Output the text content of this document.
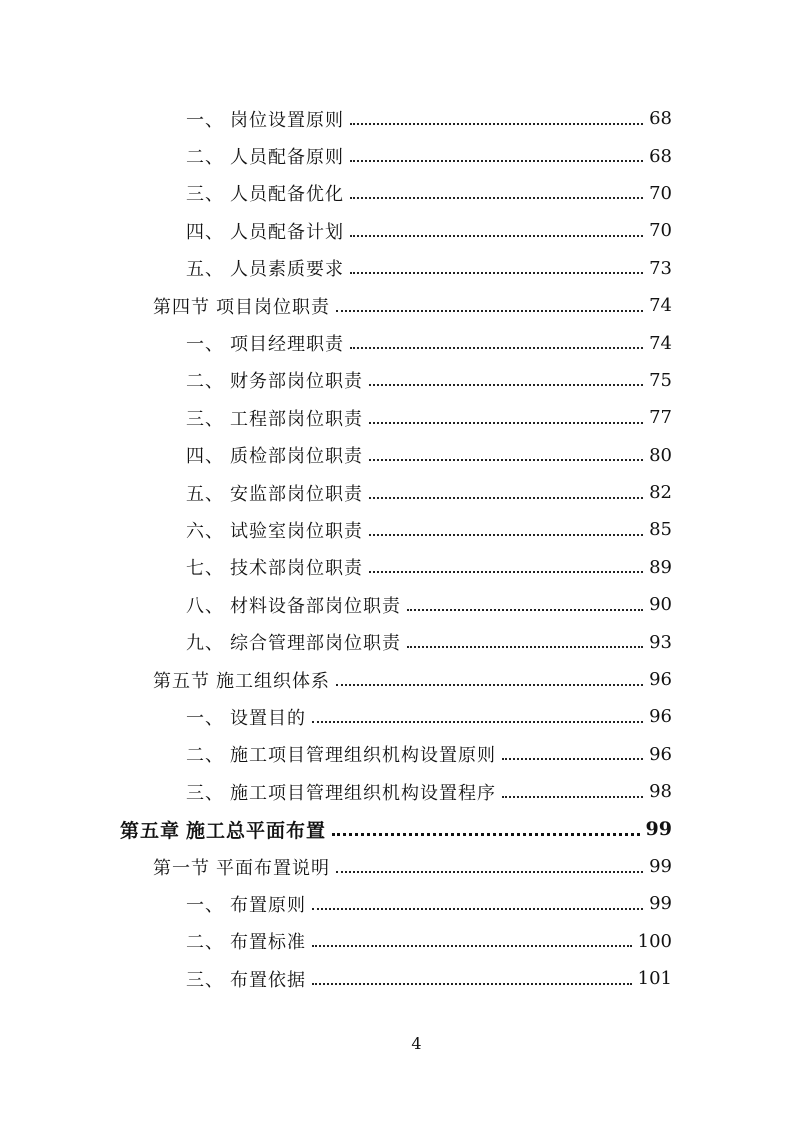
一、 岗位设置原则	68
二、 人员配备原则	68
三、 人员配备优化	70
四、 人员配备计划	70
五、 人员素质要求	73
第四节 项目岗位职责	74
一、 项目经理职责	74
二、 财务部岗位职责	75
三、 工程部岗位职责	77
四、 质检部岗位职责	80
五、 安监部岗位职责	82
六、 试验室岗位职责	85
七、 技术部岗位职责	89
八、 材料设备部岗位职责	90
九、 综合管理部岗位职责	93
第五节 施工组织体系	96
一、 设置目的	96
二、 施工项目管理组织机构设置原则	96
三、 施工项目管理组织机构设置程序	98
第五章 施工总平面布置	99
第一节 平面布置说明	99
一、 布置原则	99
二、 布置标准	100
三、 布置依据	101
4
